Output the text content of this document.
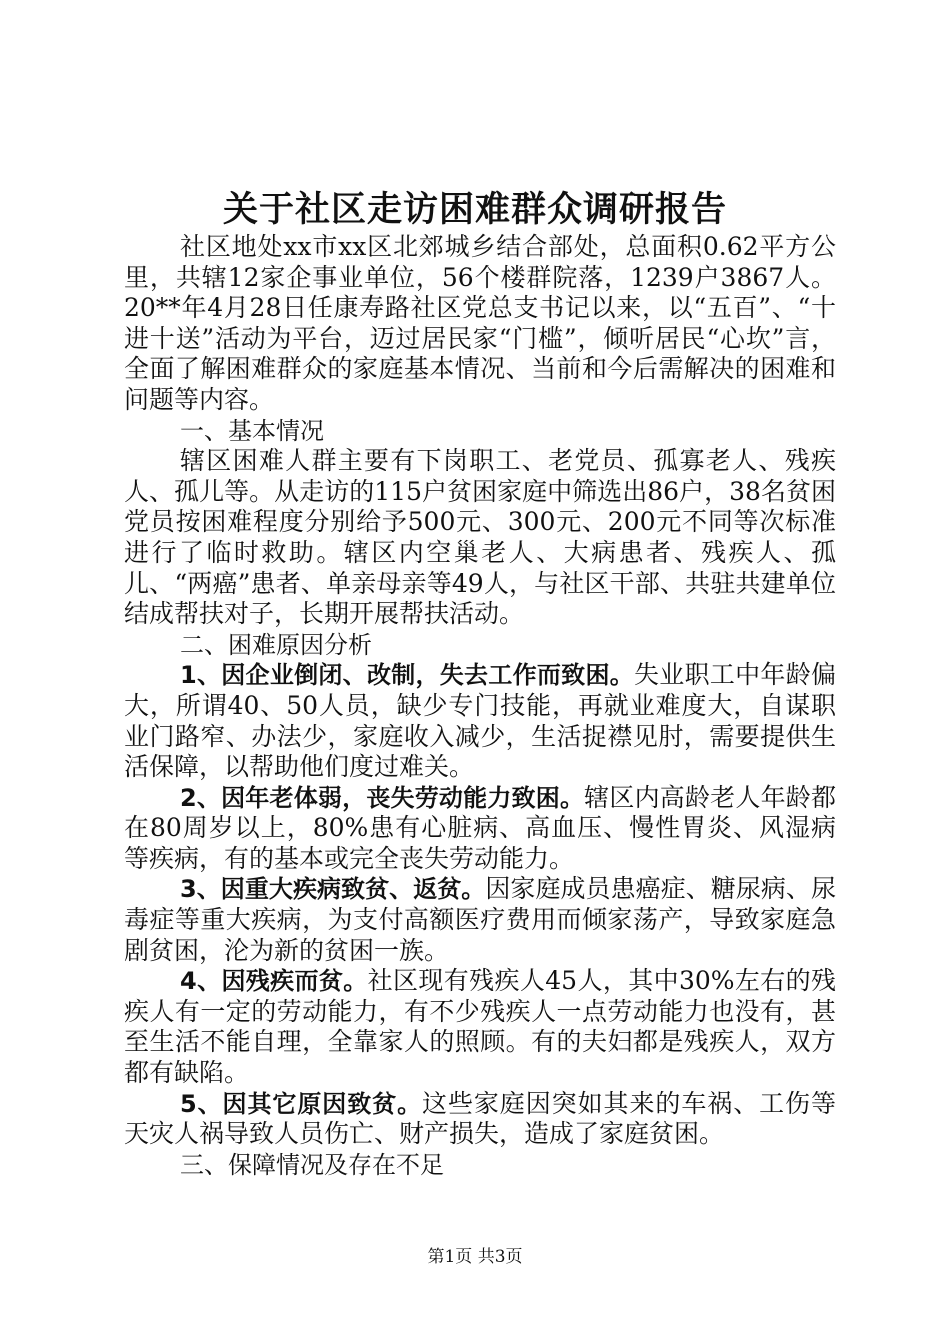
关于社区走访困难群众调研报告

社区地处xx市xx区北郊城乡结合部处，总面积0.62平方公里，共辖12家企事业单位，56个楼群院落，1239户3867人。20**年4月28日任康寿路社区党总支书记以来，以“五百”、“十进十送”活动为平台，迈过居民家“门槛”，倾听居民“心坎”言，全面了解困难群众的家庭基本情况、当前和今后需解决的困难和问题等内容。

一、基本情况

辖区困难人群主要有下岗职工、老党员、孤寡老人、残疾人、孤儿等。从走访的115户贫困家庭中筛选出86户，38名贫困党员按困难程度分别给予500元、300元、200元不同等次标准进行了临时救助。辖区内空巢老人、大病患者、残疾人、孤儿、“两癌”患者、单亲母亲等49人，与社区干部、共驻共建单位结成帮扶对子，长期开展帮扶活动。

二、困难原因分析

1、因企业倒闭、改制，失去工作而致困。失业职工中年龄偏大，所谓40、50人员，缺少专门技能，再就业难度大，自谋职业门路窄、办法少，家庭收入减少，生活捉襟见肘，需要提供生活保障，以帮助他们度过难关。

2、因年老体弱，丧失劳动能力致困。辖区内高龄老人年龄都在80周岁以上，80%患有心脏病、高血压、慢性胃炎、风湿病等疾病，有的基本或完全丧失劳动能力。

3、因重大疾病致贫、返贫。因家庭成员患癌症、糖尿病、尿毒症等重大疾病，为支付高额医疗费用而倾家荡产，导致家庭急剧贫困，沦为新的贫困一族。

4、因残疾而贫。社区现有残疾人45人，其中30%左右的残疾人有一定的劳动能力，有不少残疾人一点劳动能力也没有，甚至生活不能自理，全靠家人的照顾。有的夫妇都是残疾人，双方都有缺陷。

5、因其它原因致贫。这些家庭因突如其来的车祸、工伤等天灾人祸导致人员伤亡、财产损失，造成了家庭贫困。

三、保障情况及存在不足

第1页 共3页
